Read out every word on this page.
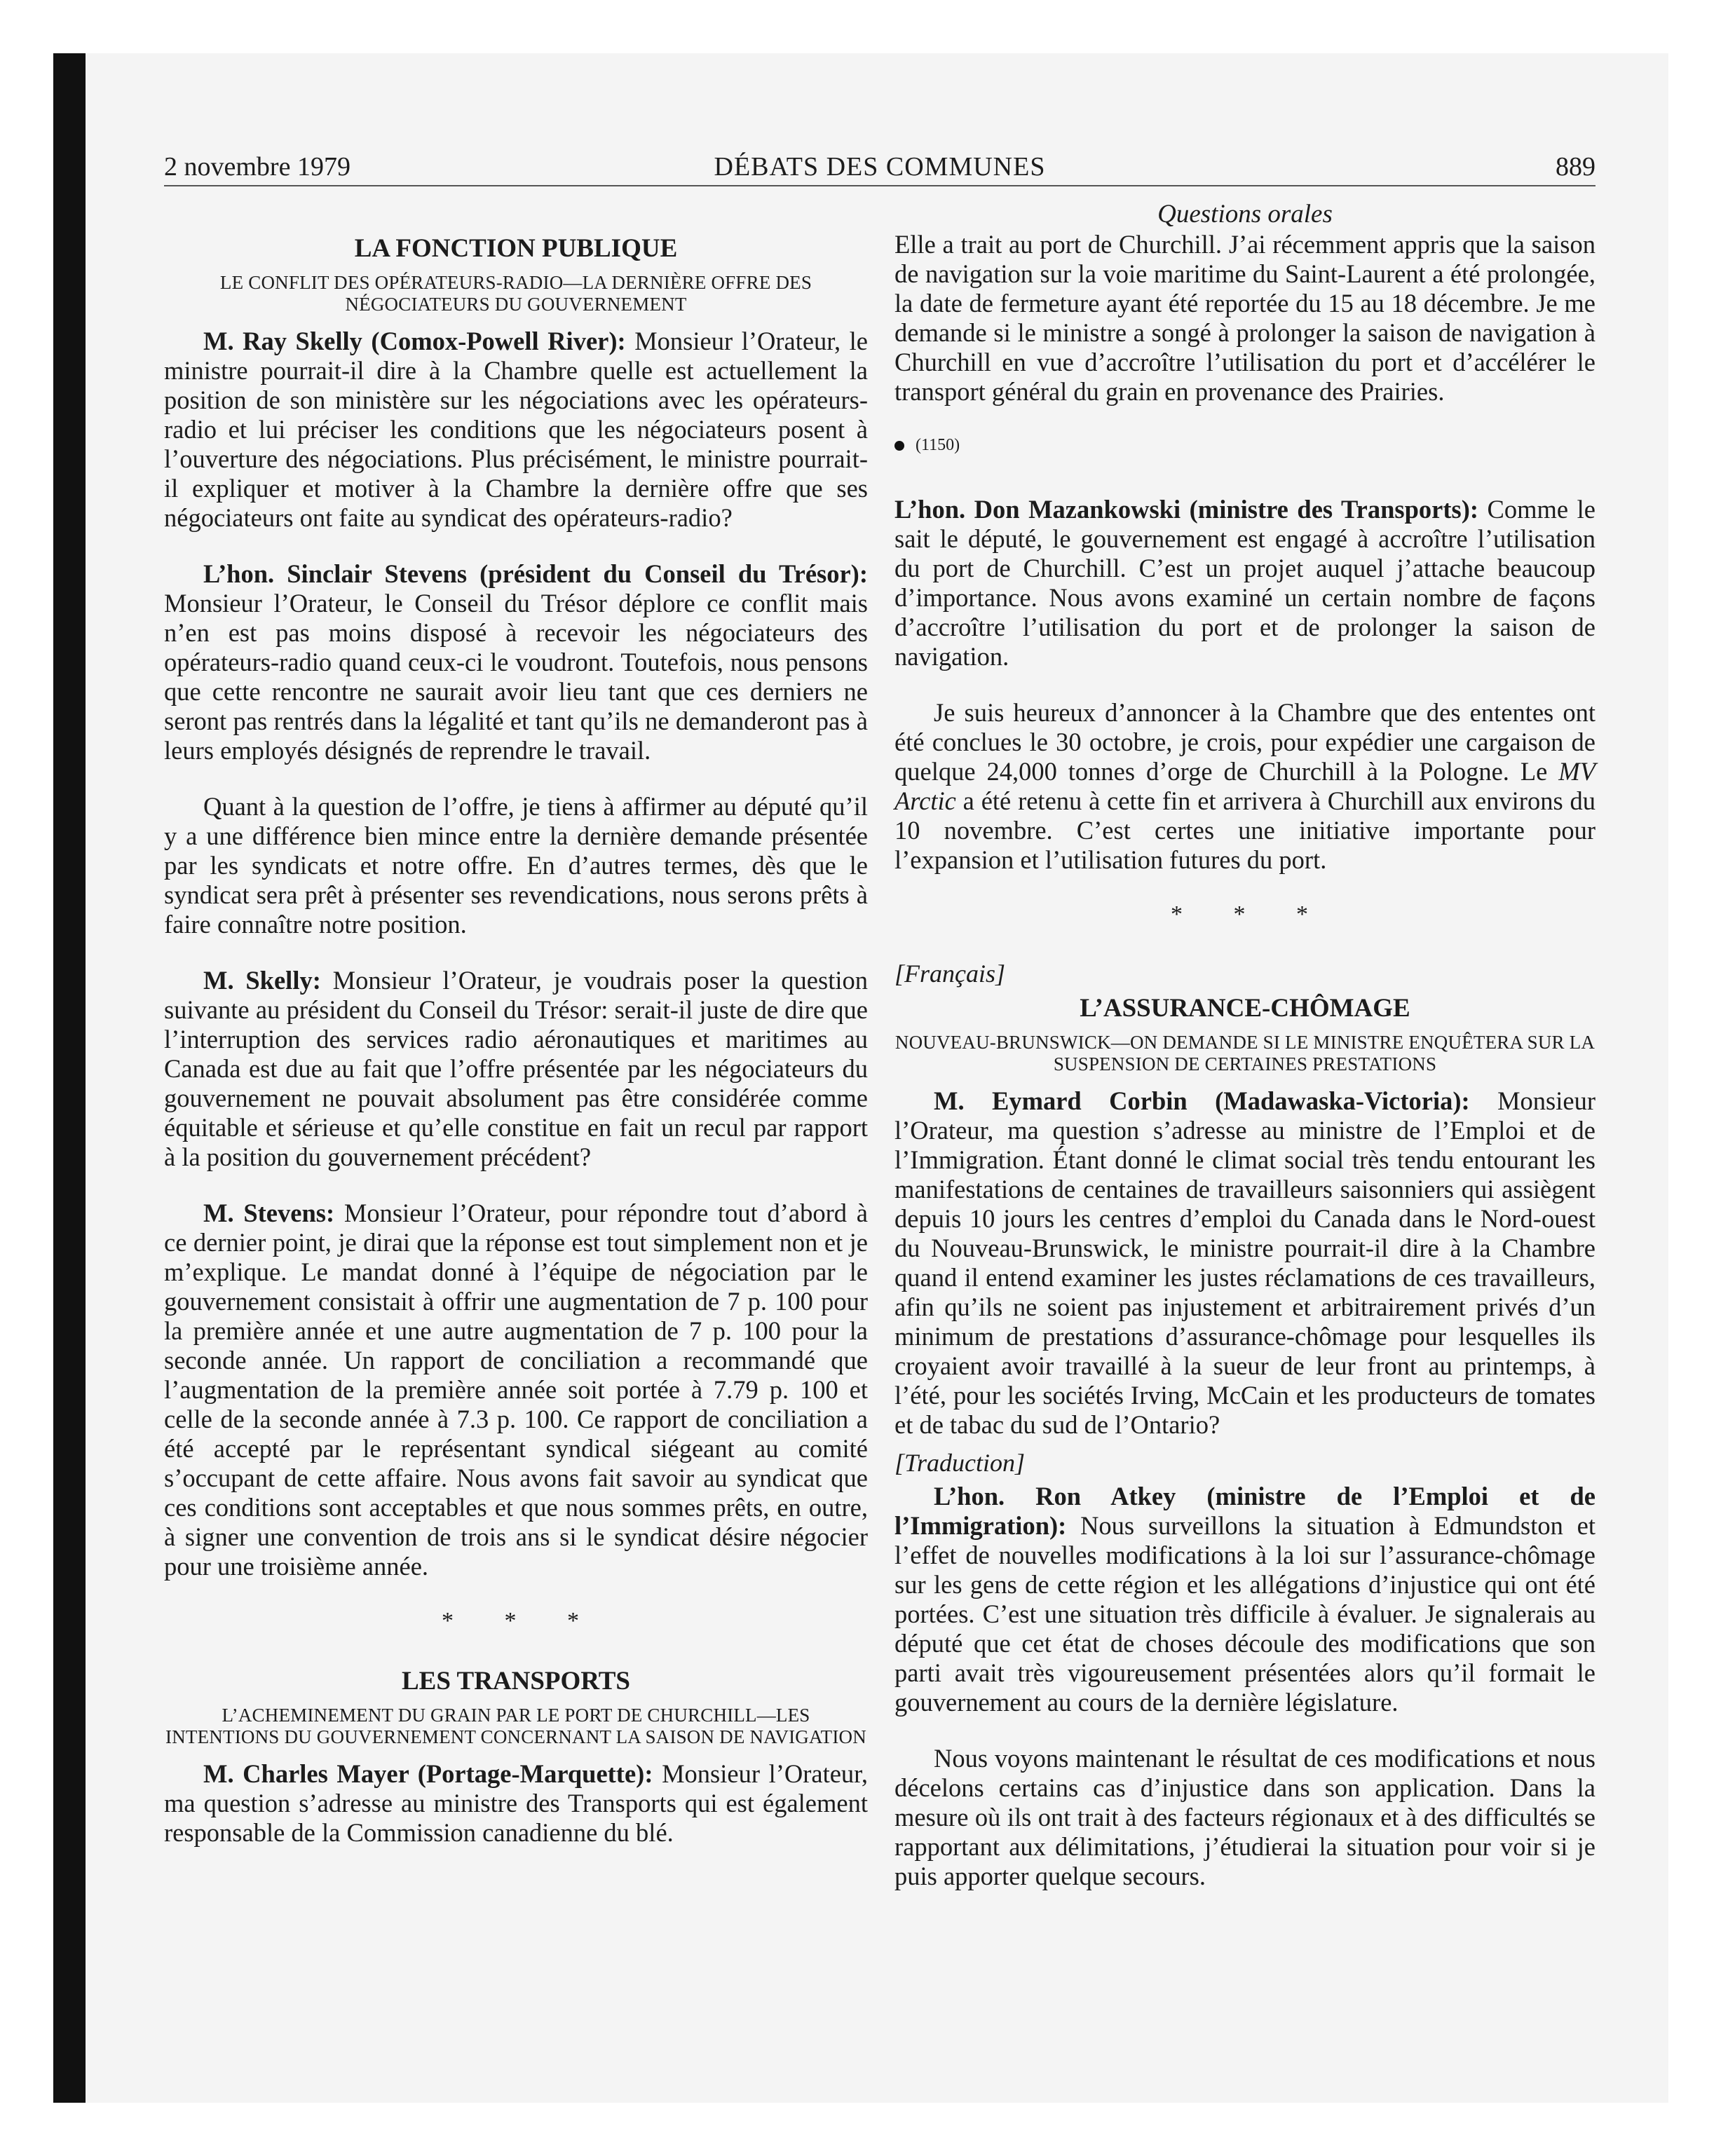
2 novembre 1979	DÉBATS DES COMMUNES	889
LA FONCTION PUBLIQUE
LE CONFLIT DES OPÉRATEURS-RADIO—LA DERNIÈRE OFFRE DES NÉGOCIATEURS DU GOUVERNEMENT

M. Ray Skelly (Comox-Powell River): Monsieur l’Orateur, le ministre pourrait-il dire à la Chambre quelle est actuellement la position de son ministère sur les négociations avec les opérateurs-radio et lui préciser les conditions que les négociateurs posent à l’ouverture des négociations. Plus précisément, le ministre pourrait-il expliquer et motiver à la Chambre la dernière offre que ses négociateurs ont faite au syndicat des opérateurs-radio?

L’hon. Sinclair Stevens (président du Conseil du Trésor): Monsieur l’Orateur, le Conseil du Trésor déplore ce conflit mais n’en est pas moins disposé à recevoir les négociateurs des opérateurs-radio quand ceux-ci le voudront. Toutefois, nous pensons que cette rencontre ne saurait avoir lieu tant que ces derniers ne seront pas rentrés dans la légalité et tant qu’ils ne demanderont pas à leurs employés désignés de reprendre le travail.

Quant à la question de l’offre, je tiens à affirmer au député qu’il y a une différence bien mince entre la dernière demande présentée par les syndicats et notre offre. En d’autres termes, dès que le syndicat sera prêt à présenter ses revendications, nous serons prêts à faire connaître notre position.

M. Skelly: Monsieur l’Orateur, je voudrais poser la question suivante au président du Conseil du Trésor: serait-il juste de dire que l’interruption des services radio aéronautiques et maritimes au Canada est due au fait que l’offre présentée par les négociateurs du gouvernement ne pouvait absolument pas être considérée comme équitable et sérieuse et qu’elle constitue en fait un recul par rapport à la position du gouvernement précédent?

M. Stevens: Monsieur l’Orateur, pour répondre tout d’abord à ce dernier point, je dirai que la réponse est tout simplement non et je m’explique. Le mandat donné à l’équipe de négociation par le gouvernement consistait à offrir une augmentation de 7 p. 100 pour la première année et une autre augmentation de 7 p. 100 pour la seconde année. Un rapport de conciliation a recommandé que l’augmentation de la première année soit portée à 7.79 p. 100 et celle de la seconde année à 7.3 p. 100. Ce rapport de conciliation a été accepté par le représentant syndical siégeant au comité s’occupant de cette affaire. Nous avons fait savoir au syndicat que ces conditions sont acceptables et que nous sommes prêts, en outre, à signer une convention de trois ans si le syndicat désire négocier pour une troisième année.

* * *
LES TRANSPORTS
L’ACHEMINEMENT DU GRAIN PAR LE PORT DE CHURCHILL—LES INTENTIONS DU GOUVERNEMENT CONCERNANT LA SAISON DE NAVIGATION

M. Charles Mayer (Portage-Marquette): Monsieur l’Orateur, ma question s’adresse au ministre des Transports qui est également responsable de la Commission canadienne du blé.

Questions orales

Elle a trait au port de Churchill. J’ai récemment appris que la saison de navigation sur la voie maritime du Saint-Laurent a été prolongée, la date de fermeture ayant été reportée du 15 au 18 décembre. Je me demande si le ministre a songé à prolonger la saison de navigation à Churchill en vue d’accroître l’utilisation du port et d’accélérer le transport général du grain en provenance des Prairies.

(1150)

L’hon. Don Mazankowski (ministre des Transports): Comme le sait le député, le gouvernement est engagé à accroître l’utilisation du port de Churchill. C’est un projet auquel j’attache beaucoup d’importance. Nous avons examiné un certain nombre de façons d’accroître l’utilisation du port et de prolonger la saison de navigation.

Je suis heureux d’annoncer à la Chambre que des ententes ont été conclues le 30 octobre, je crois, pour expédier une cargaison de quelque 24,000 tonnes d’orge de Churchill à la Pologne. Le MV Arctic a été retenu à cette fin et arrivera à Churchill aux environs du 10 novembre. C’est certes une initiative importante pour l’expansion et l’utilisation futures du port.

* * *
[Français]
L’ASSURANCE-CHÔMAGE
NOUVEAU-BRUNSWICK—ON DEMANDE SI LE MINISTRE ENQUÊTERA SUR LA SUSPENSION DE CERTAINES PRESTATIONS

M. Eymard Corbin (Madawaska-Victoria): Monsieur l’Orateur, ma question s’adresse au ministre de l’Emploi et de l’Immigration. Étant donné le climat social très tendu entourant les manifestations de centaines de travailleurs saisonniers qui assiègent depuis 10 jours les centres d’emploi du Canada dans le Nord-ouest du Nouveau-Brunswick, le ministre pourrait-il dire à la Chambre quand il entend examiner les justes réclamations de ces travailleurs, afin qu’ils ne soient pas injustement et arbitrairement privés d’un minimum de prestations d’assurance-chômage pour lesquelles ils croyaient avoir travaillé à la sueur de leur front au printemps, à l’été, pour les sociétés Irving, McCain et les producteurs de tomates et de tabac du sud de l’Ontario?

[Traduction]

L’hon. Ron Atkey (ministre de l’Emploi et de l’Immigration): Nous surveillons la situation à Edmundston et l’effet de nouvelles modifications à la loi sur l’assurance-chômage sur les gens de cette région et les allégations d’injustice qui ont été portées. C’est une situation très difficile à évaluer. Je signalerais au député que cet état de choses découle des modifications que son parti avait très vigoureusement présentées alors qu’il formait le gouvernement au cours de la dernière législature.

Nous voyons maintenant le résultat de ces modifications et nous décelons certains cas d’injustice dans son application. Dans la mesure où ils ont trait à des facteurs régionaux et à des difficultés se rapportant aux délimitations, j’étudierai la situation pour voir si je puis apporter quelque secours.
